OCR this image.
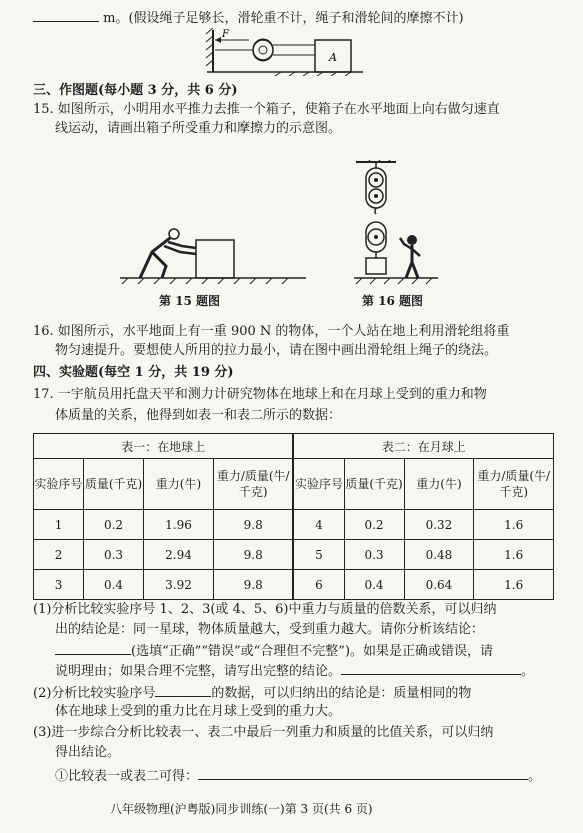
m。(假设绳子足够长，滑轮重不计，绳子和滑轮间的摩擦不计)
F
A
三、作图题(每小题 3 分，共 6 分)
15. 如图所示，小明用水平推力去推一个箱子，使箱子在水平地面上向右做匀速直
线运动，请画出箱子所受重力和摩擦力的示意图。
第 15 题图	第 16 题图
16. 如图所示，水平地面上有一重 900 N 的物体，一个人站在地上利用滑轮组将重
物匀速提升。要想使人所用的拉力最小，请在图中画出滑轮组上绳子的绕法。
四、实验题(每空 1 分，共 19 分)
17. 一宇航员用托盘天平和测力计研究物体在地球上和在月球上受到的重力和物
体质量的关系，他得到如表一和表二所示的数据：
表一：在地球上				表二：在月球上			
实验序号	质量(千克)	重力(牛)	重力/质量(牛/千克)	实验序号	质量(千克)	重力(牛)	重力/质量(牛/千克)
1	0.2	1.96	9.8	4	0.2	0.32	1.6
2	0.3	2.94	9.8	5	0.3	0.48	1.6
3	0.4	3.92	9.8	6	0.4	0.64	1.6
(1)分析比较实验序号 1、2、3(或 4、5、6)中重力与质量的倍数关系，可以归纳
出的结论是：同一星球，物体质量越大，受到重力越大。请你分析该结论：
(选填“正确”“错误”或“合理但不完整”)。如果是正确或错误，请
说明理由；如果合理不完整，请写出完整的结论。	。
(2)分析比较实验序号	的数据，可以归纳出的结论是：质量相同的物
体在地球上受到的重力比在月球上受到的重力大。
(3)进一步综合分析比较表一、表二中最后一列重力和质量的比值关系，可以归纳
得出结论。
①比较表一或表二可得：	。
八年级物理(沪粤版)同步训练(一)第 3 页(共 6 页)
